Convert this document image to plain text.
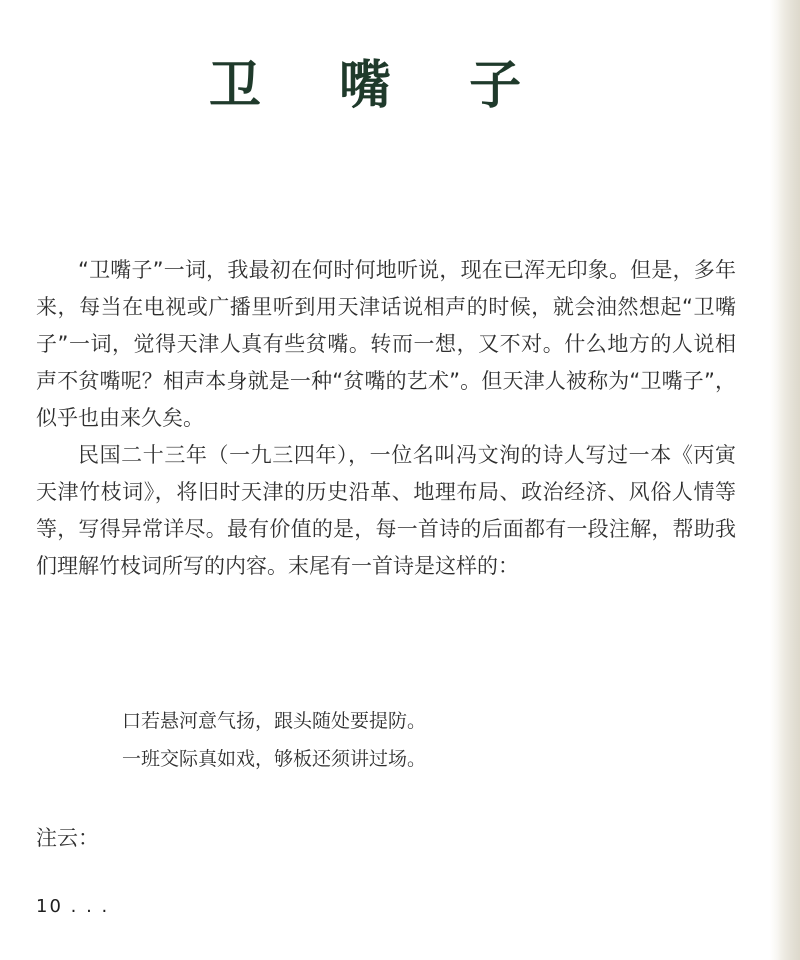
卫 嘴 子

“卫嘴子”一词，我最初在何时何地听说，现在已浑无印象。但是，多年来，每当在电视或广播里听到用天津话说相声的时候，就会油然想起“卫嘴子”一词，觉得天津人真有些贫嘴。转而一想，又不对。什么地方的人说相声不贫嘴呢？相声本身就是一种“贫嘴的艺术”。但天津人被称为“卫嘴子”，似乎也由来久矣。

民国二十三年（一九三四年），一位名叫冯文洵的诗人写过一本《丙寅天津竹枝词》，将旧时天津的历史沿革、地理布局、政治经济、风俗人情等等，写得异常详尽。最有价值的是，每一首诗的后面都有一段注解，帮助我们理解竹枝词所写的内容。末尾有一首诗是这样的：

口若悬河意气扬，跟头随处要提防。
一班交际真如戏，够板还须讲过场。
注云：
10 . . .
